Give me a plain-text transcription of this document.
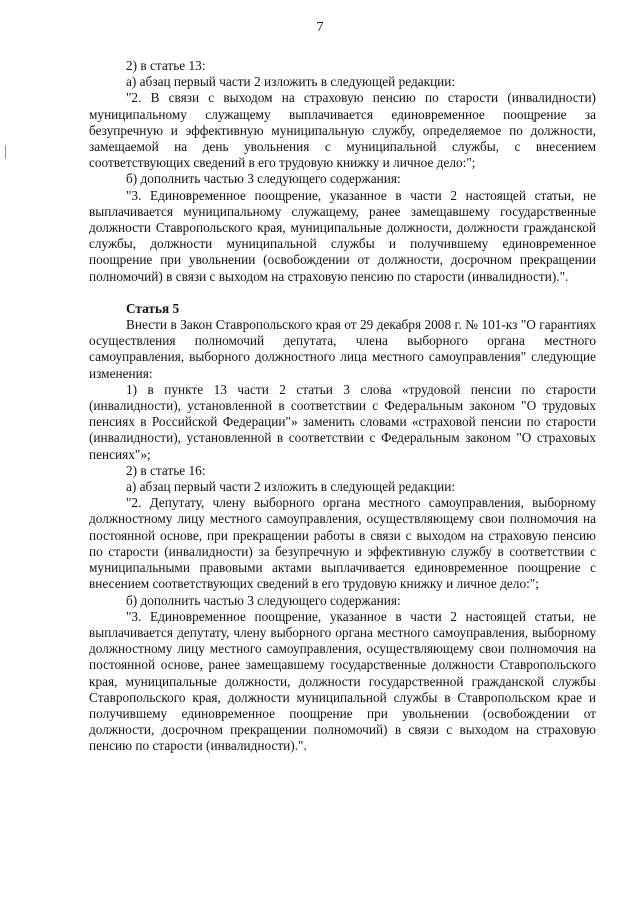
7

2) в статье 13:

а) абзац первый части 2 изложить в следующей редакции:

"2. В связи с выходом на страховую пенсию по старости (инвалидности) муниципальному служащему выплачивается единовременное поощрение за безупречную и эффективную муниципальную службу, определяемое по должности, замещаемой на день увольнения с муниципальной службы, с внесением соответствующих сведений в его трудовую книжку и личное дело:";

б) дополнить частью 3 следующего содержания:

"3. Единовременное поощрение, указанное в части 2 настоящей статьи, не выплачивается муниципальному служащему, ранее замещавшему государственные должности Ставропольского края, муниципальные должности, должности гражданской службы, должности муниципальной службы и получившему единовременное поощрение при увольнении (освобождении от должности, досрочном прекращении полномочий) в связи с выходом на страховую пенсию по старости (инвалидности).".

Статья 5

Внести в Закон Ставропольского края от 29 декабря 2008 г. № 101-кз "О гарантиях осуществления полномочий депутата, члена выборного органа местного самоуправления, выборного должностного лица местного самоуправления" следующие изменения:

1) в пункте 13 части 2 статьи 3 слова «трудовой пенсии по старости (инвалидности), установленной в соответствии с Федеральным законом "О трудовых пенсиях в Российской Федерации"» заменить словами «страховой пенсии по старости (инвалидности), установленной в соответствии с Федеральным законом "О страховых пенсиях"»;

2) в статье 16:

а) абзац первый части 2 изложить в следующей редакции:

"2. Депутату, члену выборного органа местного самоуправления, выборному должностному лицу местного самоуправления, осуществляющему свои полномочия на постоянной основе, при прекращении работы в связи с выходом на страховую пенсию по старости (инвалидности) за безупречную и эффективную службу в соответствии с муниципальными правовыми актами выплачивается единовременное поощрение с внесением соответствующих сведений в его трудовую книжку и личное дело:";

б) дополнить частью 3 следующего содержания:

"3. Единовременное поощрение, указанное в части 2 настоящей статьи, не выплачивается депутату, члену выборного органа местного самоуправления, выборному должностному лицу местного самоуправления, осуществляющему свои полномочия на постоянной основе, ранее замещавшему государственные должности Ставропольского края, муниципальные должности, должности государственной гражданской службы Ставропольского края, должности муниципальной службы в Ставропольском крае и получившему единовременное поощрение при увольнении (освобождении от должности, досрочном прекращении полномочий) в связи с выходом на страховую пенсию по старости (инвалидности).".
